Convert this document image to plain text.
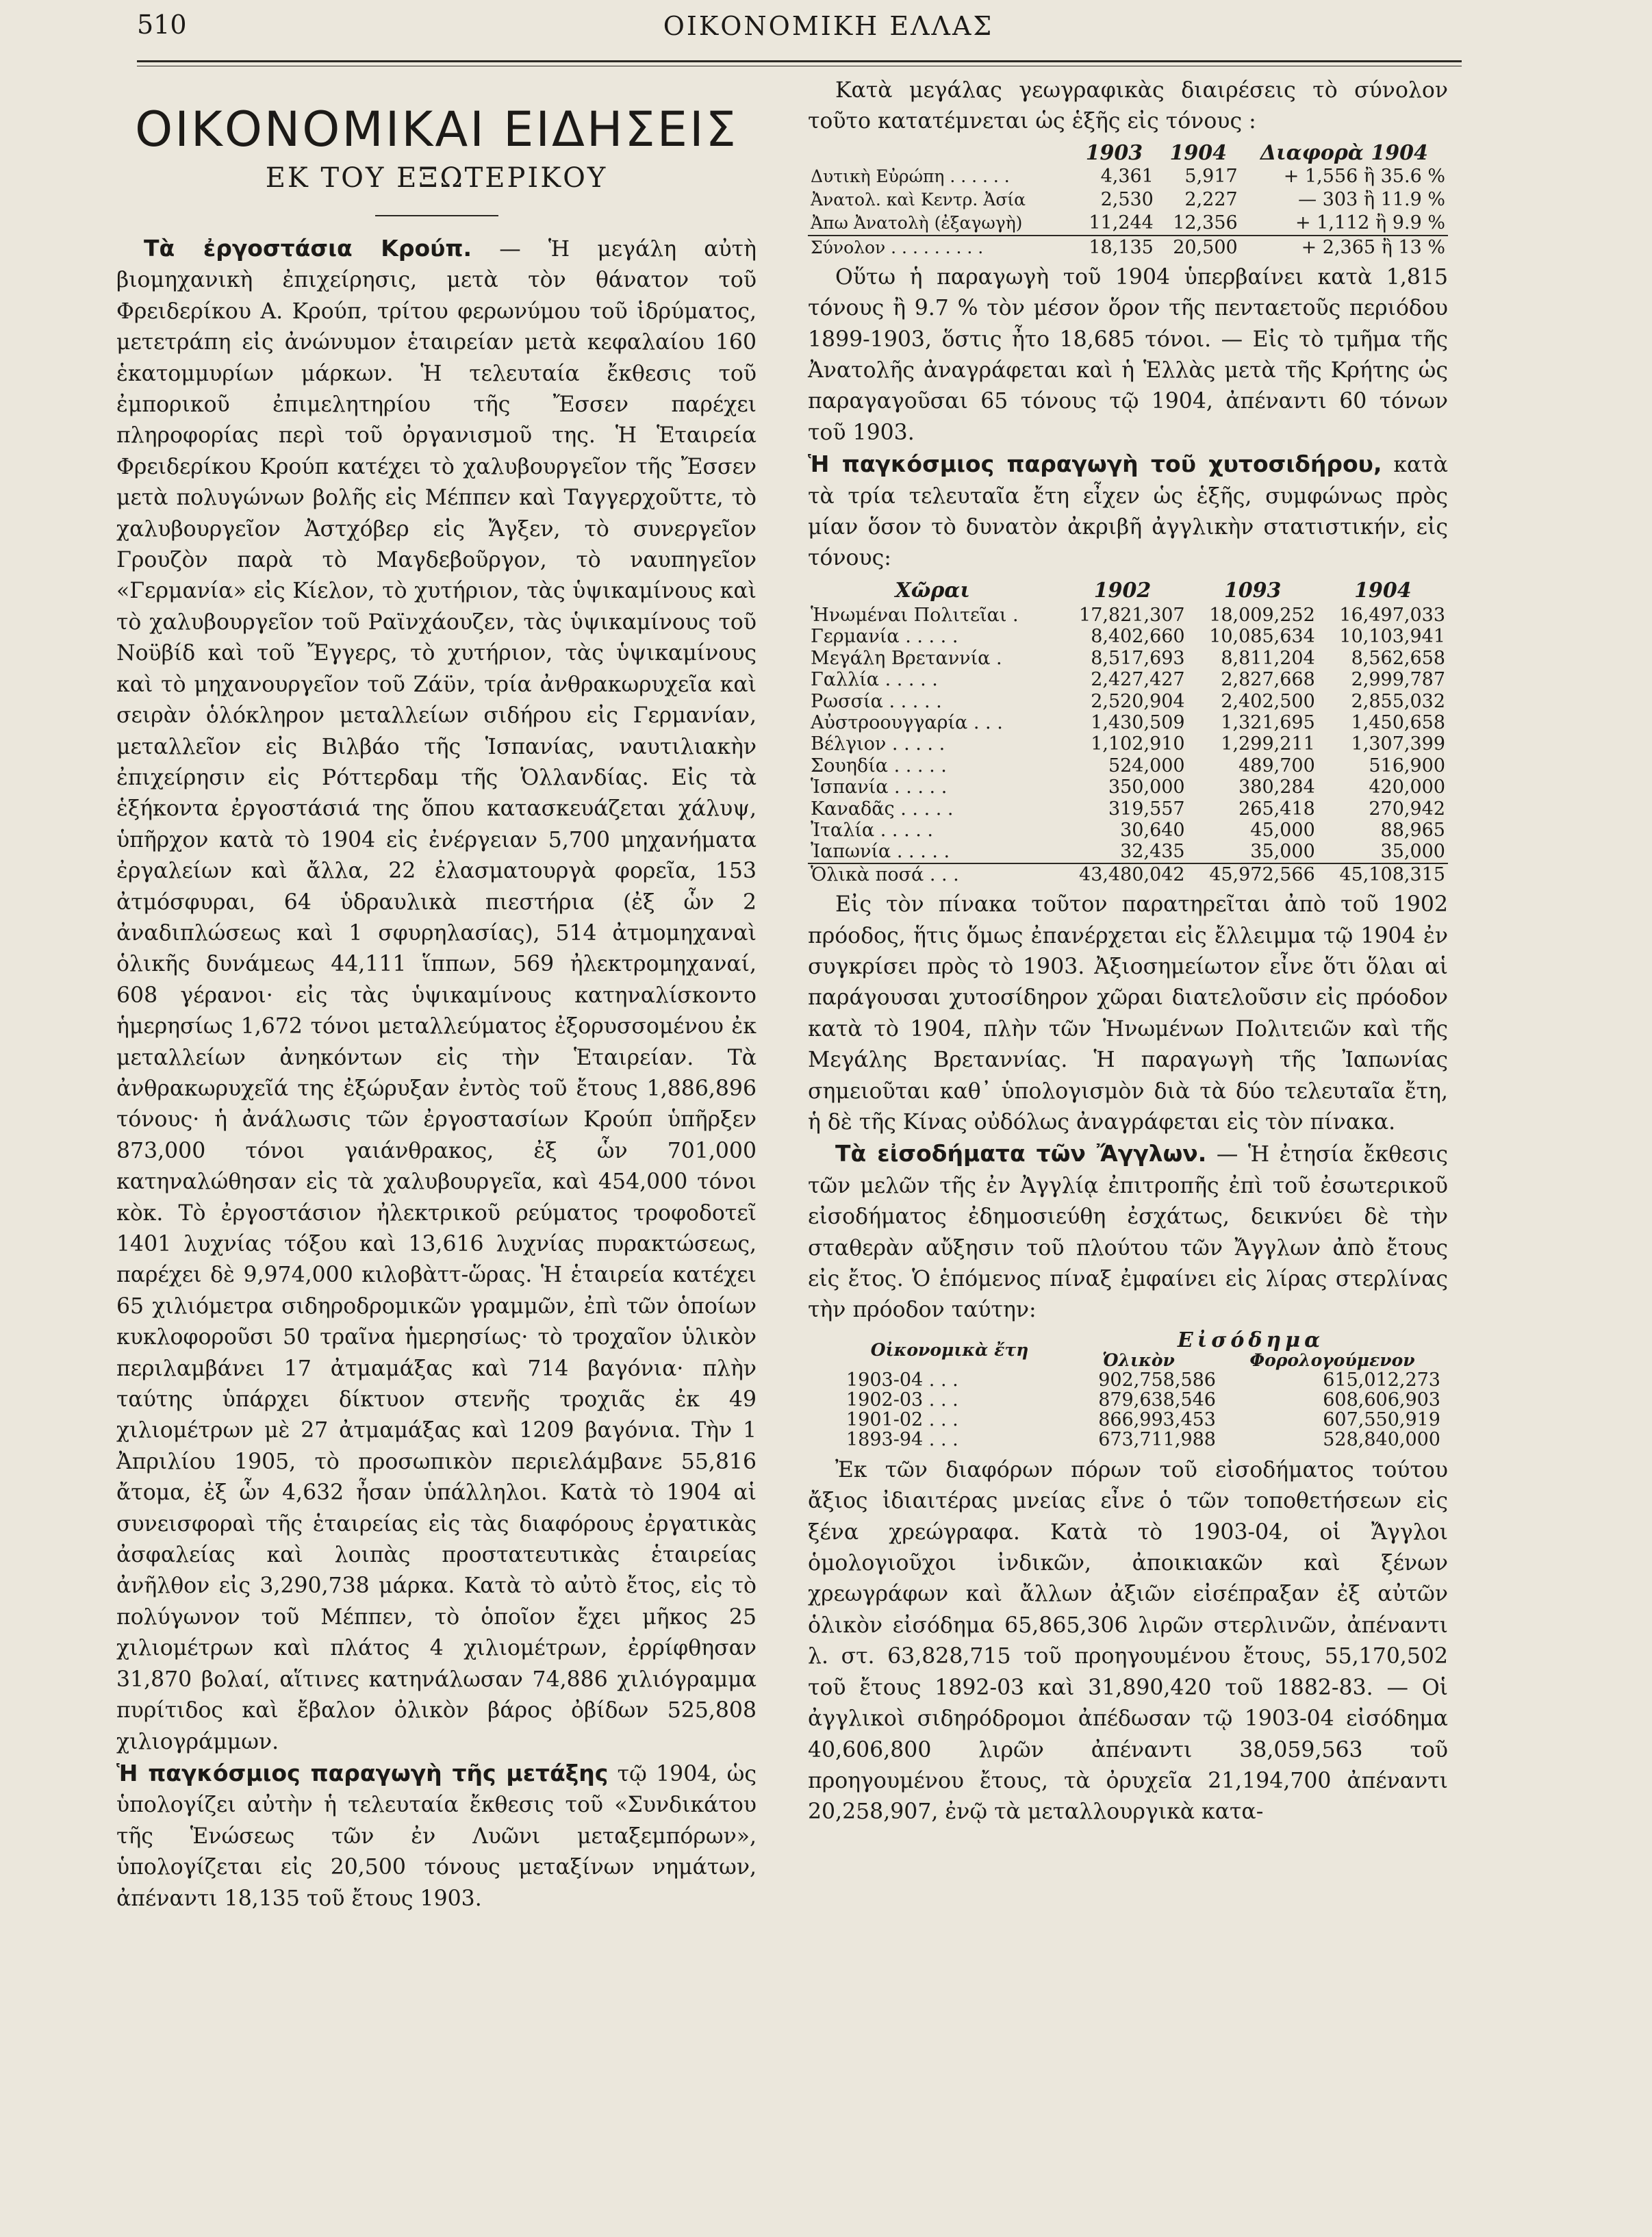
510	ΟΙΚΟΝΟΜΙΚΗ ΕΛΛΑΣ
ΟΙΚΟΝΟΜΙΚΑΙ ΕΙΔΗΣΕΙΣ
ΕΚ ΤΟΥ ΕΞΩΤΕΡΙΚΟΥ

Τὰ ἐργοστάσια Κρούπ. — Ἡ μεγάλη αὐτὴ βιομηχανικὴ ἐπιχείρησις, μετὰ τὸν θάνατον τοῦ Φρειδερίκου Α. Κρούπ, τρίτου φερωνύμου τοῦ ἱδρύματος, μετετράπη εἰς ἀνώνυμον ἑταιρείαν μετὰ κεφαλαίου 160 ἑκατομμυρίων μάρκων. Ἡ τελευταία ἔκθεσις τοῦ ἐμπορικοῦ ἐπιμελητηρίου τῆς Ἔσσεν παρέχει πληροφορίας περὶ τοῦ ὀργανισμοῦ της. Ἡ Ἑταιρεία Φρειδερίκου Κρούπ κατέχει τὸ χαλυβουργεῖον τῆς Ἔσσεν μετὰ πολυγώνων βολῆς εἰς Μέππεν καὶ Ταγγερχοῦττε, τὸ χαλυβουργεῖον Ἀστχόβερ εἰς Ἄγξεν, τὸ συνεργεῖον Γρουζὸν παρὰ τὸ Μαγδεβοῦργον, τὸ ναυπηγεῖον «Γερμανία» εἰς Κίελον, τὸ χυτήριον, τὰς ὑψικαμίνους καὶ τὸ χαλυβουργεῖον τοῦ Ραϊνχάουζεν, τὰς ὑψικαμίνους τοῦ Νοϋβίδ καὶ τοῦ Ἔγγερς, τὸ χυτήριον, τὰς ὑψικαμίνους καὶ τὸ μηχανουργεῖον τοῦ Ζάϋν, τρία ἀνθρακωρυχεῖα καὶ σειρὰν ὁλόκληρον μεταλλείων σιδήρου εἰς Γερμανίαν, μεταλλεῖον εἰς Βιλβάο τῆς Ἱσπανίας, ναυτιλιακὴν ἐπιχείρησιν εἰς Ρόττερδαμ τῆς Ὁλλανδίας. Εἰς τὰ ἑξήκοντα ἐργοστάσιά της ὅπου κατασκευάζεται χάλυψ, ὑπῆρχον κατὰ τὸ 1904 εἰς ἐνέργειαν 5,700 μηχανήματα ἐργαλείων καὶ ἄλλα, 22 ἐλασματουργὰ φορεῖα, 153 ἀτμόσφυραι, 64 ὑδραυλικὰ πιεστήρια (ἐξ ὧν 2 ἀναδιπλώσεως καὶ 1 σφυρηλασίας), 514 ἀτμομηχαναὶ ὁλικῆς δυνάμεως 44,111 ἵππων, 569 ἠλεκτρομηχαναί, 608 γέρανοι· εἰς τὰς ὑψικαμίνους κατηναλίσκοντο ἡμερησίως 1,672 τόνοι μεταλλεύματος ἐξορυσσομένου ἐκ μεταλλείων ἀνηκόντων εἰς τὴν Ἑταιρείαν. Τὰ ἀνθρακωρυχεῖά της ἐξώρυξαν ἐντὸς τοῦ ἔτους 1,886,896 τόνους· ἡ ἀνάλωσις τῶν ἐργοστασίων Κρούπ ὑπῆρξεν 873,000 τόνοι γαιάνθρακος, ἐξ ὧν 701,000 κατηναλώθησαν εἰς τὰ χαλυβουργεῖα, καὶ 454,000 τόνοι κὸκ. Τὸ ἐργοστάσιον ἠλεκτρικοῦ ρεύματος τροφοδοτεῖ 1401 λυχνίας τόξου καὶ 13,616 λυχνίας πυρακτώσεως, παρέχει δὲ 9,974,000 κιλοβὰττ-ὥρας. Ἡ ἑταιρεία κατέχει 65 χιλιόμετρα σιδηροδρομικῶν γραμμῶν, ἐπὶ τῶν ὁποίων κυκλοφοροῦσι 50 τραῖνα ἡμερησίως· τὸ τροχαῖον ὑλικὸν περιλαμβάνει 17 ἀτμαμάξας καὶ 714 βαγόνια· πλὴν ταύτης ὑπάρχει δίκτυον στενῆς τροχιᾶς ἐκ 49 χιλιομέτρων μὲ 27 ἀτμαμάξας καὶ 1209 βαγόνια. Τὴν 1 Ἀπριλίου 1905, τὸ προσωπικὸν περιελάμβανε 55,816 ἄτομα, ἐξ ὧν 4,632 ἦσαν ὑπάλληλοι. Κατὰ τὸ 1904 αἱ συνεισφοραὶ τῆς ἑταιρείας εἰς τὰς διαφόρους ἐργατικὰς ἀσφαλείας καὶ λοιπὰς προστατευτικὰς ἑταιρείας ἀνῆλθον εἰς 3,290,738 μάρκα. Κατὰ τὸ αὐτὸ ἔτος, εἰς τὸ πολύγωνον τοῦ Μέππεν, τὸ ὁποῖον ἔχει μῆκος 25 χιλιομέτρων καὶ πλάτος 4 χιλιομέτρων, ἐρρίφθησαν 31,870 βολαί, αἵτινες κατηνάλωσαν 74,886 χιλιόγραμμα πυρίτιδος καὶ ἔβαλον ὀλικὸν βάρος ὀβίδων 525,808 χιλιογράμμων.

Ἡ παγκόσμιος παραγωγὴ τῆς μετάξης τῷ 1904, ὡς ὑπολογίζει αὐτὴν ἡ τελευταία ἔκθεσις τοῦ «Συνδικάτου τῆς Ἑνώσεως τῶν ἐν Λυῶνι μεταξεμπόρων», ὑπολογίζεται εἰς 20,500 τόνους μεταξίνων νημάτων, ἀπέναντι 18,135 τοῦ ἔτους 1903.

Κατὰ μεγάλας γεωγραφικὰς διαιρέσεις τὸ σύνολον τοῦτο κατατέμνεται ὡς ἑξῆς εἰς τόνους :

	1903	1904	Διαφορὰ 1904
Δυτικὴ Εὐρώπη . . . . . .	4,361	5,917	+ 1,556 ἢ 35.6 %
Ἀνατολ. καὶ Κεντρ. Ἀσία	2,530	2,227	— 303 ἢ 11.9 %
Ἀπω Ἀνατολὴ (ἐξαγωγὴ)	11,244	12,356	+ 1,112 ἢ 9.9 %
Σύνολον . . . . . . . . .	18,135	20,500	+ 2,365 ἢ 13 %

Οὕτω ἡ παραγωγὴ τοῦ 1904 ὑπερβαίνει κατὰ 1,815 τόνους ἢ 9.7 % τὸν μέσον ὅρον τῆς πενταετοῦς περιόδου 1899-1903, ὅστις ἦτο 18,685 τόνοι. — Εἰς τὸ τμῆμα τῆς Ἀνατολῆς ἀναγράφεται καὶ ἡ Ἑλλὰς μετὰ τῆς Κρήτης ὡς παραγαγοῦσαι 65 τόνους τῷ 1904, ἀπέναντι 60 τόνων τοῦ 1903.

Ἡ παγκόσμιος παραγωγὴ τοῦ χυτοσιδήρου, κατὰ τὰ τρία τελευταῖα ἔτη εἶχεν ὡς ἑξῆς, συμφώνως πρὸς μίαν ὅσον τὸ δυνατὸν ἀκριβῆ ἀγγλικὴν στατιστικήν, εἰς τόνους:

Χῶραι	1902	1093	1904
Ἡνωμέναι Πολιτεῖαι .	17,821,307	18,009,252	16,497,033
Γερμανία . . . . .	8,402,660	10,085,634	10,103,941
Μεγάλη Βρεταννία .	8,517,693	8,811,204	8,562,658
Γαλλία . . . . .	2,427,427	2,827,668	2,999,787
Ρωσσία . . . . .	2,520,904	2,402,500	2,855,032
Αὐστροουγγαρία . . .	1,430,509	1,321,695	1,450,658
Βέλγιον . . . . .	1,102,910	1,299,211	1,307,399
Σουηδία . . . . .	524,000	489,700	516,900
Ἱσπανία . . . . .	350,000	380,284	420,000
Καναδᾶς . . . . .	319,557	265,418	270,942
Ἰταλία . . . . .	30,640	45,000	88,965
Ἰαπωνία . . . . .	32,435	35,000	35,000
Ὁλικὰ ποσά . . .	43,480,042	45,972,566	45,108,315

Εἰς τὸν πίνακα τοῦτον παρατηρεῖται ἀπὸ τοῦ 1902 πρόοδος, ἥτις ὅμως ἐπανέρχεται εἰς ἔλλειμμα τῷ 1904 ἐν συγκρίσει πρὸς τὸ 1903. Ἀξιοσημείωτον εἶνε ὅτι ὅλαι αἱ παράγουσαι χυτοσίδηρον χῶραι διατελοῦσιν εἰς πρόοδον κατὰ τὸ 1904, πλὴν τῶν Ἡνωμένων Πολιτειῶν καὶ τῆς Μεγάλης Βρεταννίας. Ἡ παραγωγὴ τῆς Ἰαπωνίας σημειοῦται καθ᾽ ὑπολογισμὸν διὰ τὰ δύο τελευταῖα ἔτη, ἡ δὲ τῆς Κίνας οὐδόλως ἀναγράφεται εἰς τὸν πίνακα.

Τὰ εἰσοδήματα τῶν Ἄγγλων. — Ἡ ἐτησία ἔκθεσις τῶν μελῶν τῆς ἐν Ἀγγλίᾳ ἐπιτροπῆς ἐπὶ τοῦ ἐσωτερικοῦ εἰσοδήματος ἐδημοσιεύθη ἐσχάτως, δεικνύει δὲ τὴν σταθερὰν αὔξησιν τοῦ πλούτου τῶν Ἄγγλων ἀπὸ ἔτους εἰς ἔτος. Ὁ ἑπόμενος πίναξ ἐμφαίνει εἰς λίρας στερλίνας τὴν πρόοδον ταύτην:

Οἰκονομικὰ ἔτη	Εἰσόδημα	
	Ὁλικὸν	Φορολογούμενον
1903-04 . . .	902,758,586	615,012,273
1902-03 . . .	879,638,546	608,606,903
1901-02 . . .	866,993,453	607,550,919
1893-94 . . .	673,711,988	528,840,000

Ἐκ τῶν διαφόρων πόρων τοῦ εἰσοδήματος τούτου ἄξιος ἰδιαιτέρας μνείας εἶνε ὁ τῶν τοποθετήσεων εἰς ξένα χρεώγραφα. Κατὰ τὸ 1903-04, οἱ Ἄγγλοι ὁμολογιοῦχοι ἰνδικῶν, ἀποικιακῶν καὶ ξένων χρεωγράφων καὶ ἄλλων ἀξιῶν εἰσέπραξαν ἐξ αὐτῶν ὁλικὸν εἰσόδημα 65,865,306 λιρῶν στερλινῶν, ἀπέναντι λ. στ. 63,828,715 τοῦ προηγουμένου ἔτους, 55,170,502 τοῦ ἔτους 1892-03 καὶ 31,890,420 τοῦ 1882-83. — Οἱ ἀγγλικοὶ σιδηρόδρομοι ἀπέδωσαν τῷ 1903-04 εἰσόδημα 40,606,800 λιρῶν ἀπέναντι 38,059,563 τοῦ προηγουμένου ἔτους, τὰ ὀρυχεῖα 21,194,700 ἀπέναντι 20,258,907, ἐνῷ τὰ μεταλλουργικὰ κατα-
